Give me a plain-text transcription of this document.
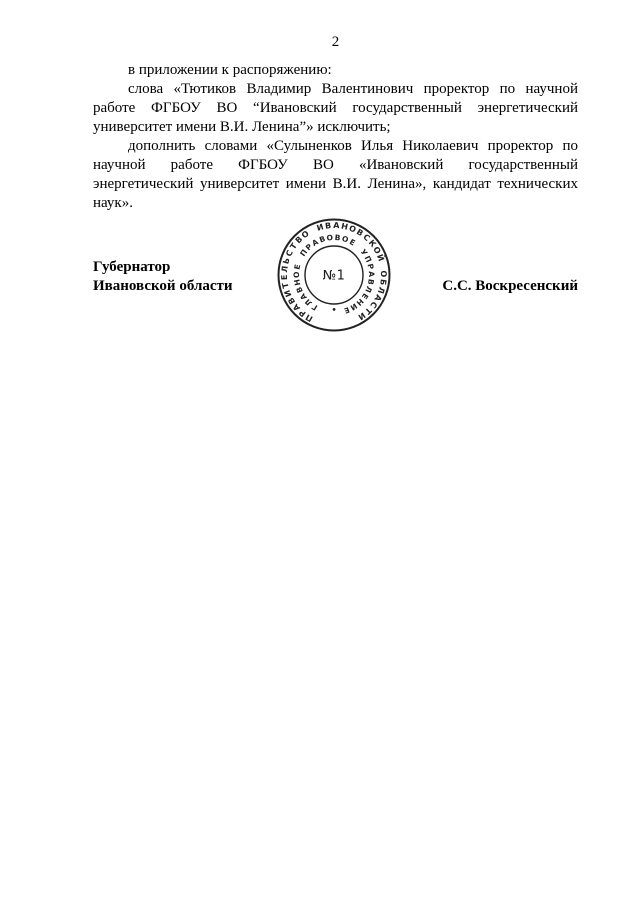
2
в приложении к распоряжению:
слова «Тютиков Владимир Валентинович проректор по научной
работе ФГБОУ ВО “Ивановский государственный энергетический
университет имени В.И. Ленина”» исключить;
дополнить словами «Сулыненков Илья Николаевич проректор по
научной работе ФГБОУ ВО «Ивановский государственный
энергетический университет имени В.И. Ленина», кандидат технических
наук».
Губернатор
Ивановской области	С.С. Воскресенский
П
Р
А
В
И
Т
Е
Л
Ь
С
Т
В
О
И В А Н
О
В
С
К
О
Й
О
Б
Л
А
С
Т
И
Г
Л
А
В
Н
О
Е
П
Р
А
В О В О
Е
У
П
Р
А
В
Л
Е
Н
И
Е
•
№1
